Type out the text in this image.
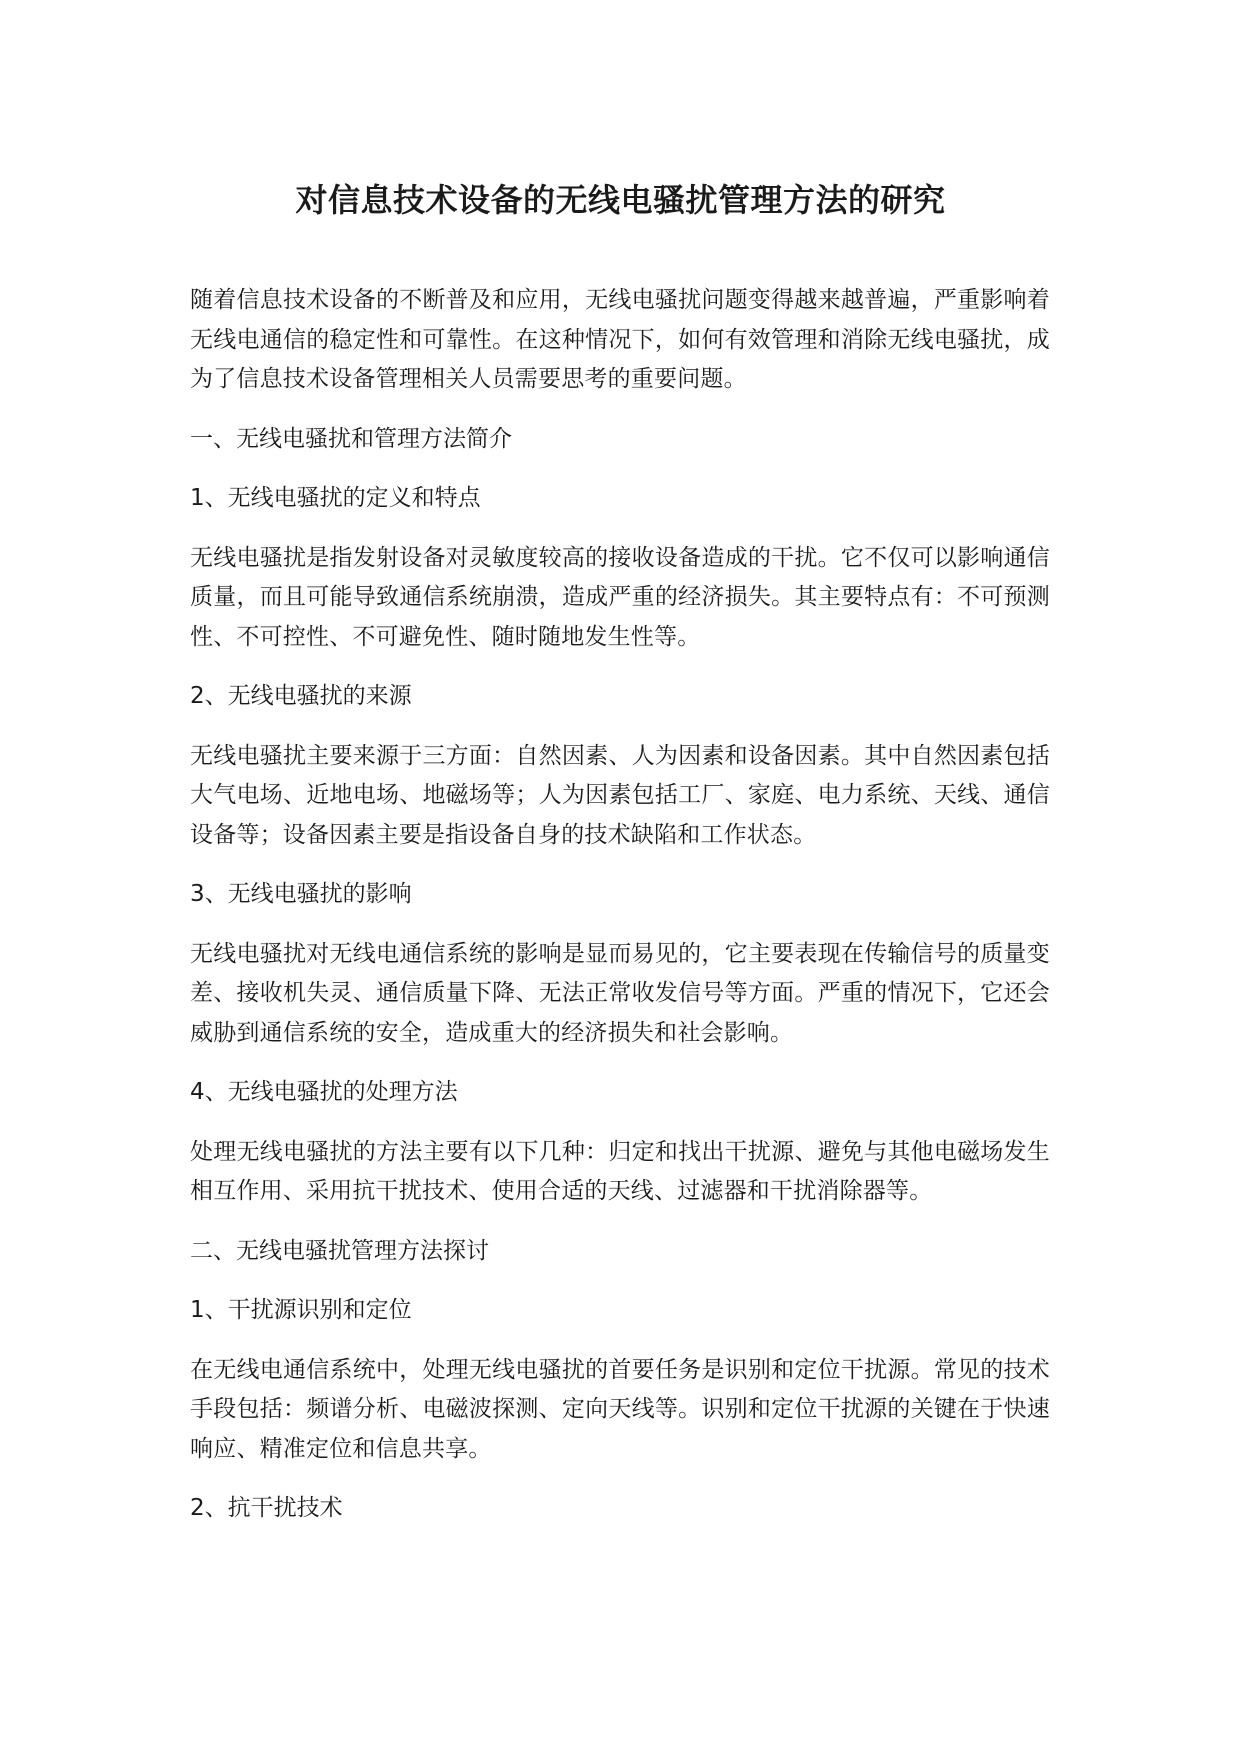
对信息技术设备的无线电骚扰管理方法的研究

随着信息技术设备的不断普及和应用，无线电骚扰问题变得越来越普遍，严重影响着无线电通信的稳定性和可靠性。在这种情况下，如何有效管理和消除无线电骚扰，成为了信息技术设备管理相关人员需要思考的重要问题。

一、无线电骚扰和管理方法简介

1、无线电骚扰的定义和特点

无线电骚扰是指发射设备对灵敏度较高的接收设备造成的干扰。它不仅可以影响通信质量，而且可能导致通信系统崩溃，造成严重的经济损失。其主要特点有：不可预测性、不可控性、不可避免性、随时随地发生性等。

2、无线电骚扰的来源

无线电骚扰主要来源于三方面：自然因素、人为因素和设备因素。其中自然因素包括大气电场、近地电场、地磁场等；人为因素包括工厂、家庭、电力系统、天线、通信设备等；设备因素主要是指设备自身的技术缺陷和工作状态。

3、无线电骚扰的影响

无线电骚扰对无线电通信系统的影响是显而易见的，它主要表现在传输信号的质量变差、接收机失灵、通信质量下降、无法正常收发信号等方面。严重的情况下，它还会威胁到通信系统的安全，造成重大的经济损失和社会影响。

4、无线电骚扰的处理方法

处理无线电骚扰的方法主要有以下几种：归定和找出干扰源、避免与其他电磁场发生相互作用、采用抗干扰技术、使用合适的天线、过滤器和干扰消除器等。

二、无线电骚扰管理方法探讨

1、干扰源识别和定位

在无线电通信系统中，处理无线电骚扰的首要任务是识别和定位干扰源。常见的技术手段包括：频谱分析、电磁波探测、定向天线等。识别和定位干扰源的关键在于快速响应、精准定位和信息共享。

2、抗干扰技术
